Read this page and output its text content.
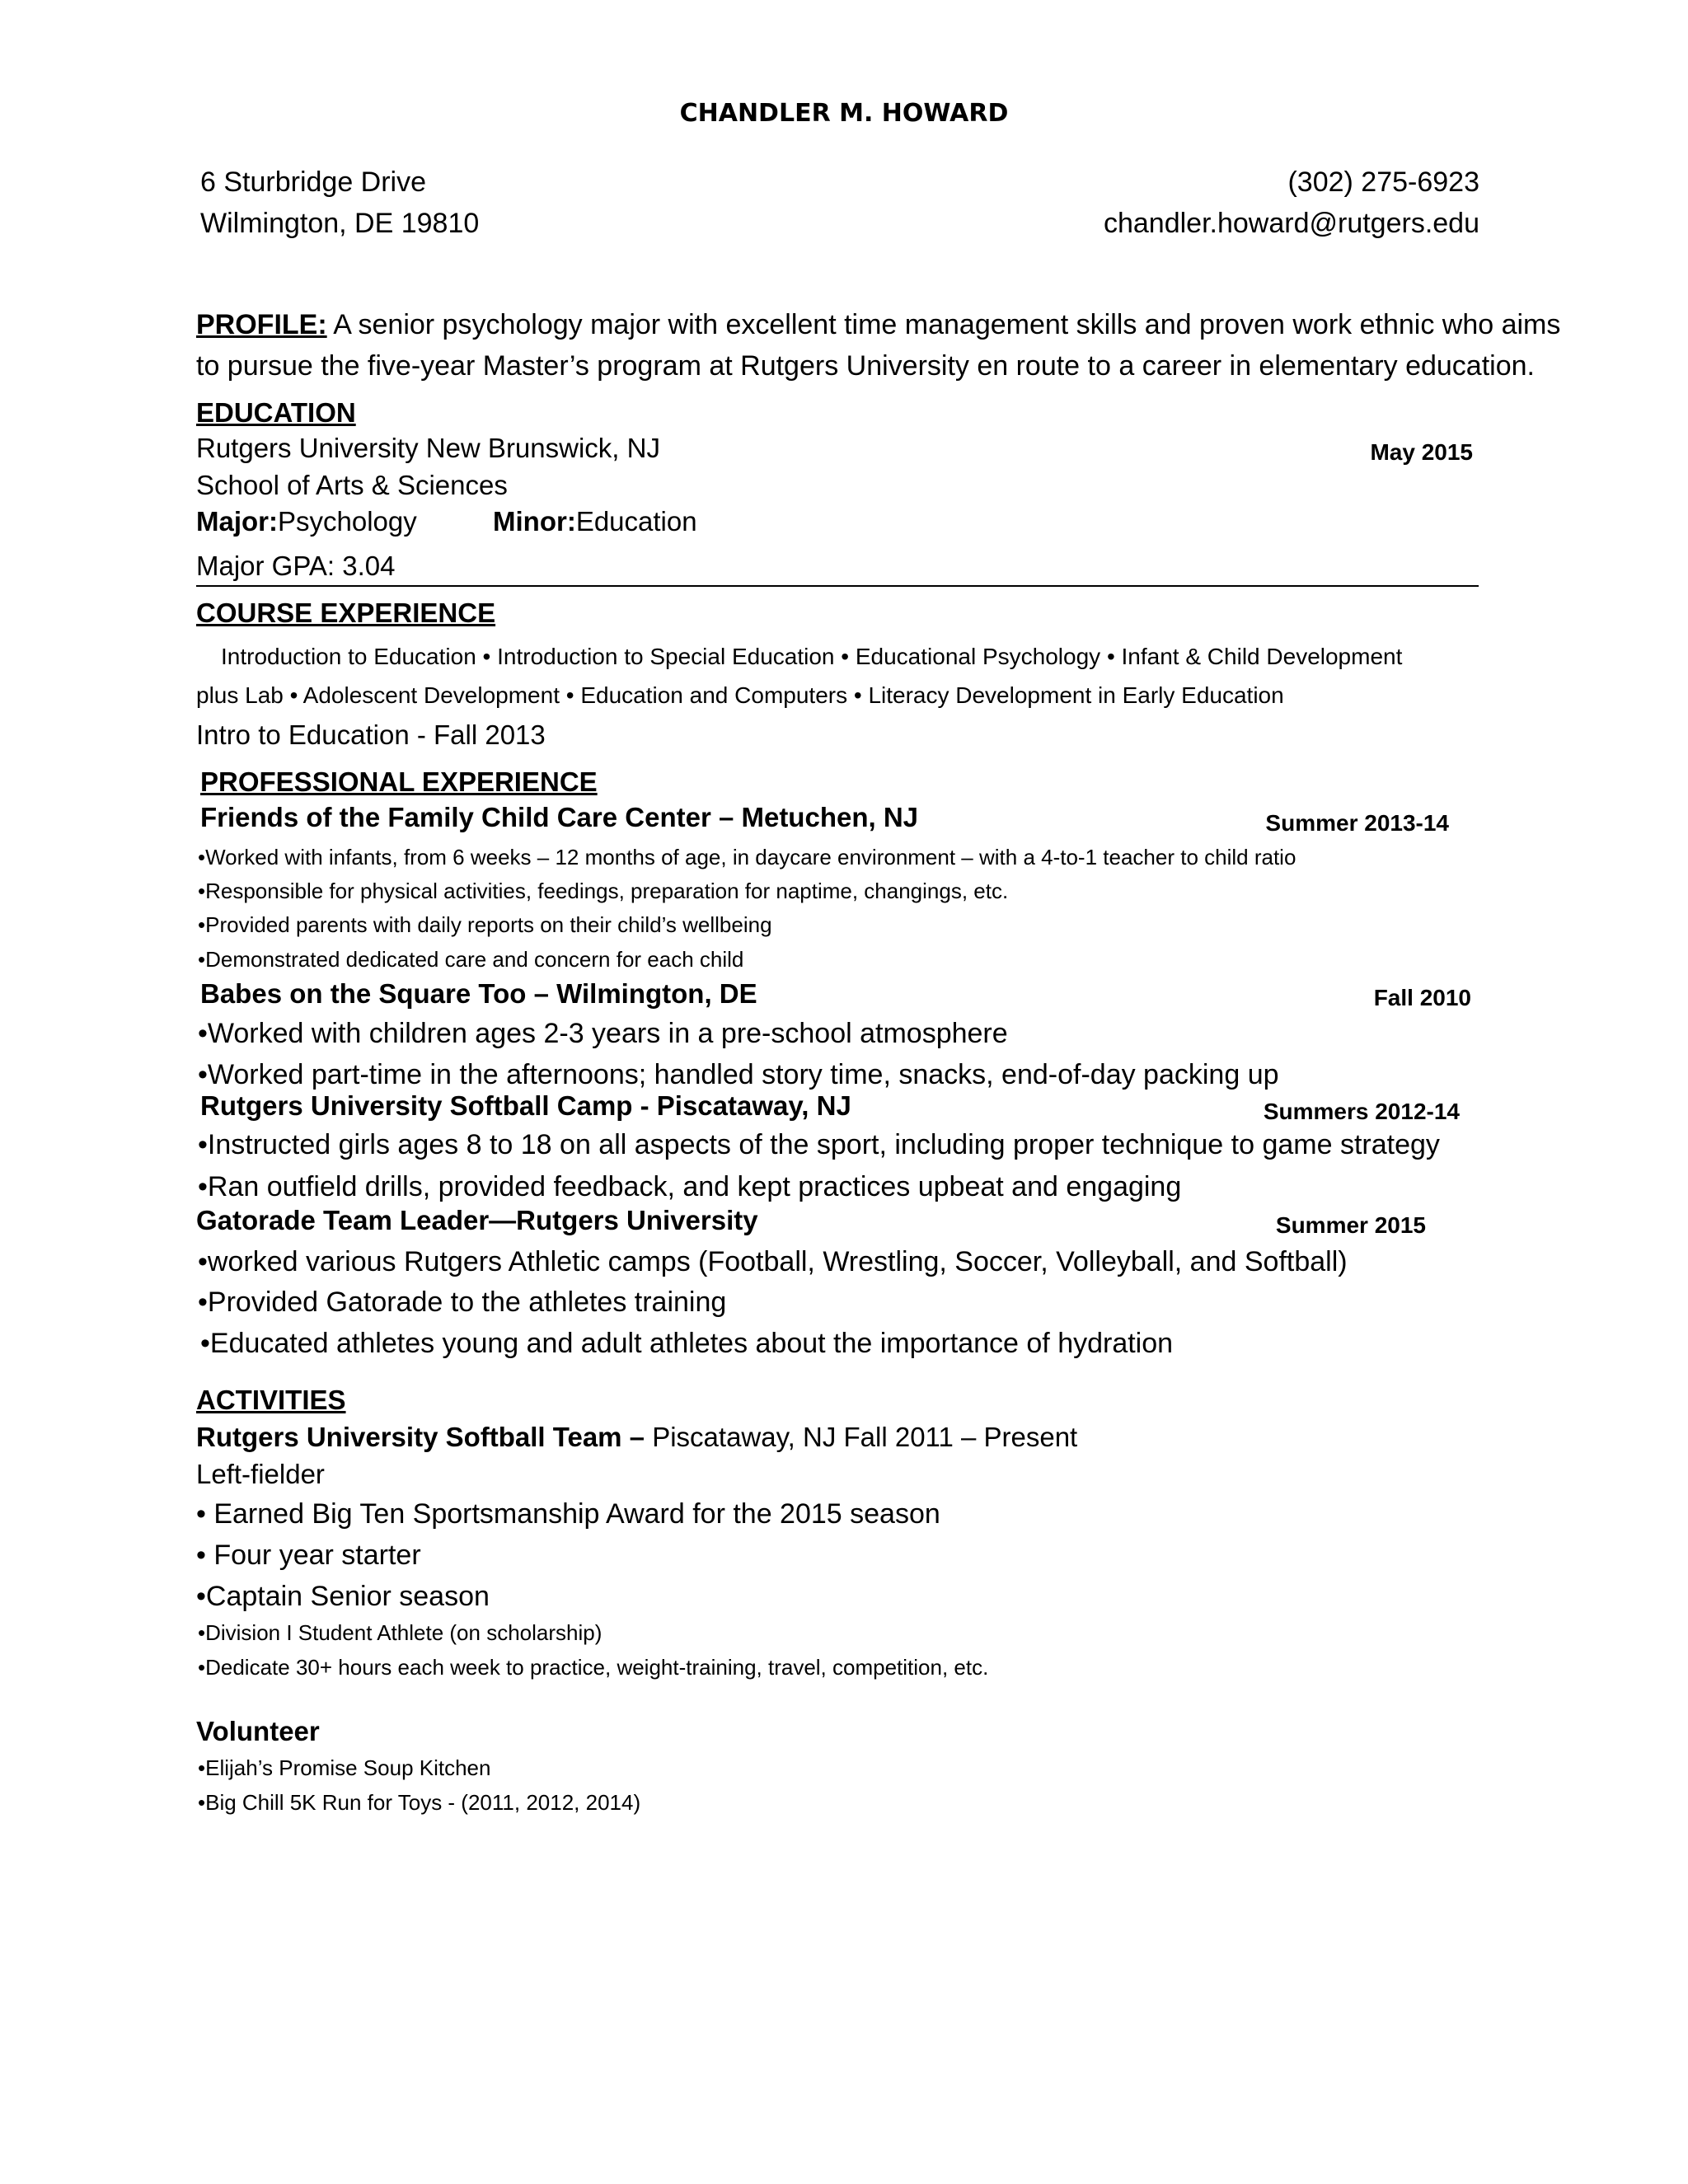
CHANDLER M. HOWARD
6 Sturbridge Drive
Wilmington, DE 19810
(302) 275-6923
chandler.howard@rutgers.edu
PROFILE: A senior psychology major with excellent time management skills and proven work ethnic who aims
to pursue the five-year Master’s program at Rutgers University en route to a career in elementary education.
EDUCATION
Rutgers University New Brunswick, NJ	May 2015
School of Arts & Sciences
Major:Psychology	Minor:Education
Major GPA: 3.04
COURSE EXPERIENCE
Introduction to Education • Introduction to Special Education • Educational Psychology • Infant & Child Development
plus Lab • Adolescent Development • Education and Computers • Literacy Development in Early Education
Intro to Education - Fall 2013
PROFESSIONAL EXPERIENCE
Friends of the Family Child Care Center – Metuchen, NJ	Summer 2013-14
•Worked with infants, from 6 weeks – 12 months of age, in daycare environment – with a 4-to-1 teacher to child ratio
•Responsible for physical activities, feedings, preparation for naptime, changings, etc.
•Provided parents with daily reports on their child’s wellbeing
•Demonstrated dedicated care and concern for each child
Babes on the Square Too – Wilmington, DE	Fall 2010
•Worked with children ages 2-3 years in a pre-school atmosphere
•Worked part-time in the afternoons; handled story time, snacks, end-of-day packing up
Rutgers University Softball Camp - Piscataway, NJ	Summers 2012-14
•Instructed girls ages 8 to 18 on all aspects of the sport, including proper technique to game strategy
•Ran outfield drills, provided feedback, and kept practices upbeat and engaging
Gatorade Team Leader—Rutgers University	Summer 2015
•worked various Rutgers Athletic camps (Football, Wrestling, Soccer, Volleyball, and Softball)
•Provided Gatorade to the athletes training
•Educated athletes young and adult athletes about the importance of hydration
ACTIVITIES
Rutgers University Softball Team – Piscataway, NJ Fall 2011 – Present
Left-fielder
• Earned Big Ten Sportsmanship Award for the 2015 season
• Four year starter
•Captain Senior season
•Division I Student Athlete (on scholarship)
•Dedicate 30+ hours each week to practice, weight-training, travel, competition, etc.
Volunteer
•Elijah’s Promise Soup Kitchen
•Big Chill 5K Run for Toys - (2011, 2012, 2014)
